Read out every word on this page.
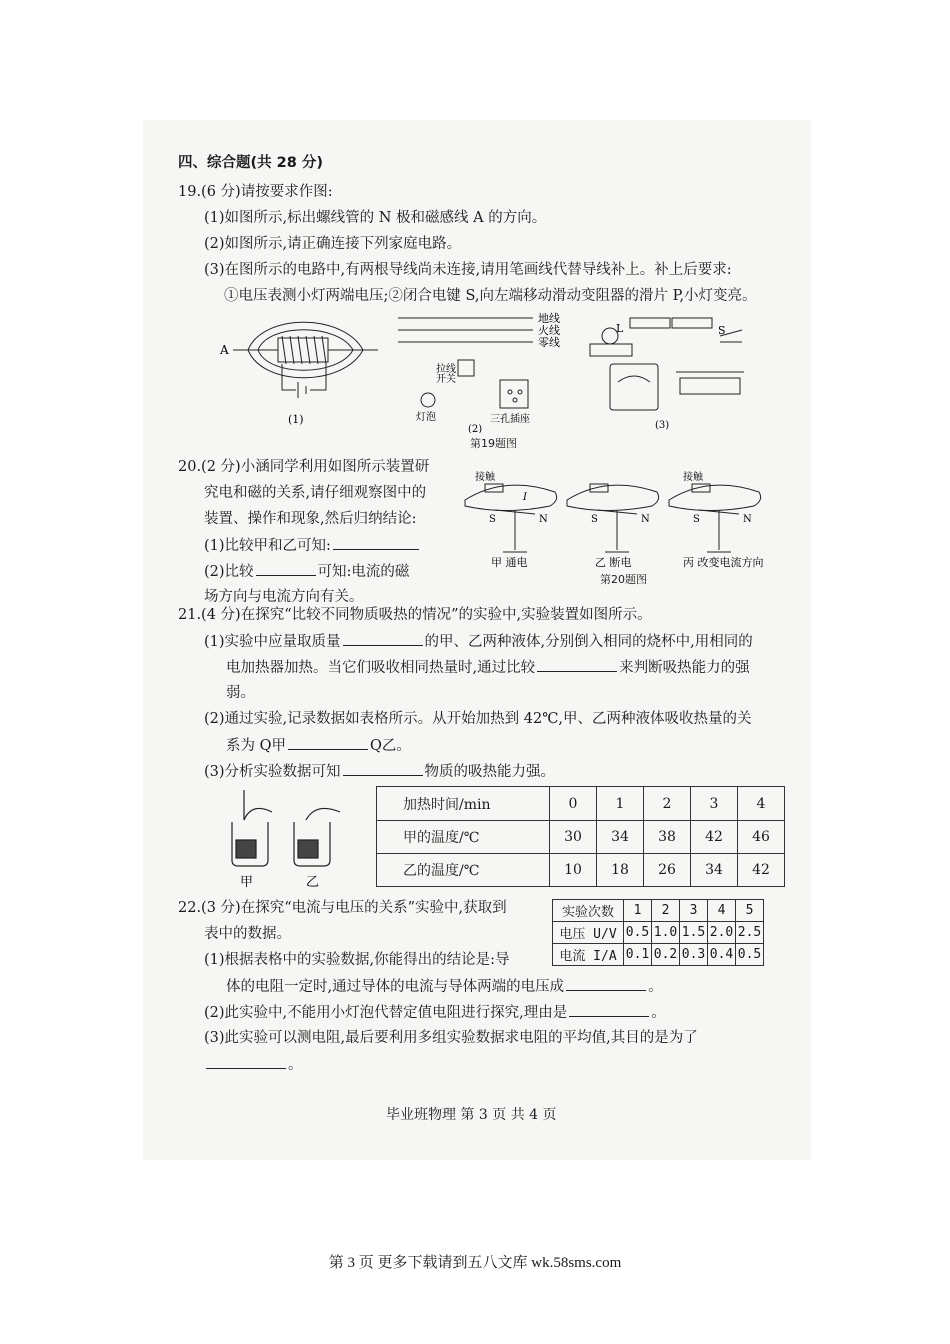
四、综合题(共 28 分)
19.(6 分)请按要求作图:
(1)如图所示,标出螺线管的 N 极和磁感线 A 的方向。
(2)如图所示,请正确连接下列家庭电路。
(3)在图所示的电路中,有两根导线尚未连接,请用笔画线代替导线补上。补上后要求:
①电压表测小灯两端电压;②闭合电键 S,向左端移动滑动变阻器的滑片 P,小灯变亮。
A
(1)
地线
火线
零线
拉线
开关
灯泡	三孔插座
(2)
L	S
(3)
第19题图
20.(2 分)小涵同学利用如图所示装置研
究电和磁的关系,请仔细观察图中的
装置、操作和现象,然后归纳结论:
(1)比较甲和乙可知:
(2)比较	可知:电流的磁
场方向与电流方向有关。
接触	接触
I
S	N	S	N	S	N
甲 通电	乙 断电	丙 改变电流方向
第20题图
21.(4 分)在探究“比较不同物质吸热的情况”的实验中,实验装置如图所示。
(1)实验中应量取质量	的甲、乙两种液体,分别倒入相同的烧杯中,用相同的
电加热器加热。当它们吸收相同热量时,通过比较	来判断吸热能力的强
弱。
(2)通过实验,记录数据如表格所示。从开始加热到 42℃,甲、乙两种液体吸收热量的关
系为 Q甲	Q乙。
(3)分析实验数据可知	物质的吸热能力强。
甲	乙
加热时间/min	0	1	2	3	4
甲的温度/℃	30	34	38	42	46
乙的温度/℃	10	18	26	34	42
22.(3 分)在探究“电流与电压的关系”实验中,获取到
表中的数据。
(1)根据表格中的实验数据,你能得出的结论是:导
体的电阻一定时,通过导体的电流与导体两端的电压成	。
(2)此实验中,不能用小灯泡代替定值电阻进行探究,理由是	。
(3)此实验可以测电阻,最后要利用多组实验数据求电阻的平均值,其目的是为了
。
实验次数	1	2	3	4	5
电压 U/V	0.5	1.0	1.5	2.0	2.5
电流 I/A	0.1	0.2	0.3	0.4	0.5
毕业班物理 第 3 页 共 4 页
第 3 页 更多下载请到五八文库 wk.58sms.com
